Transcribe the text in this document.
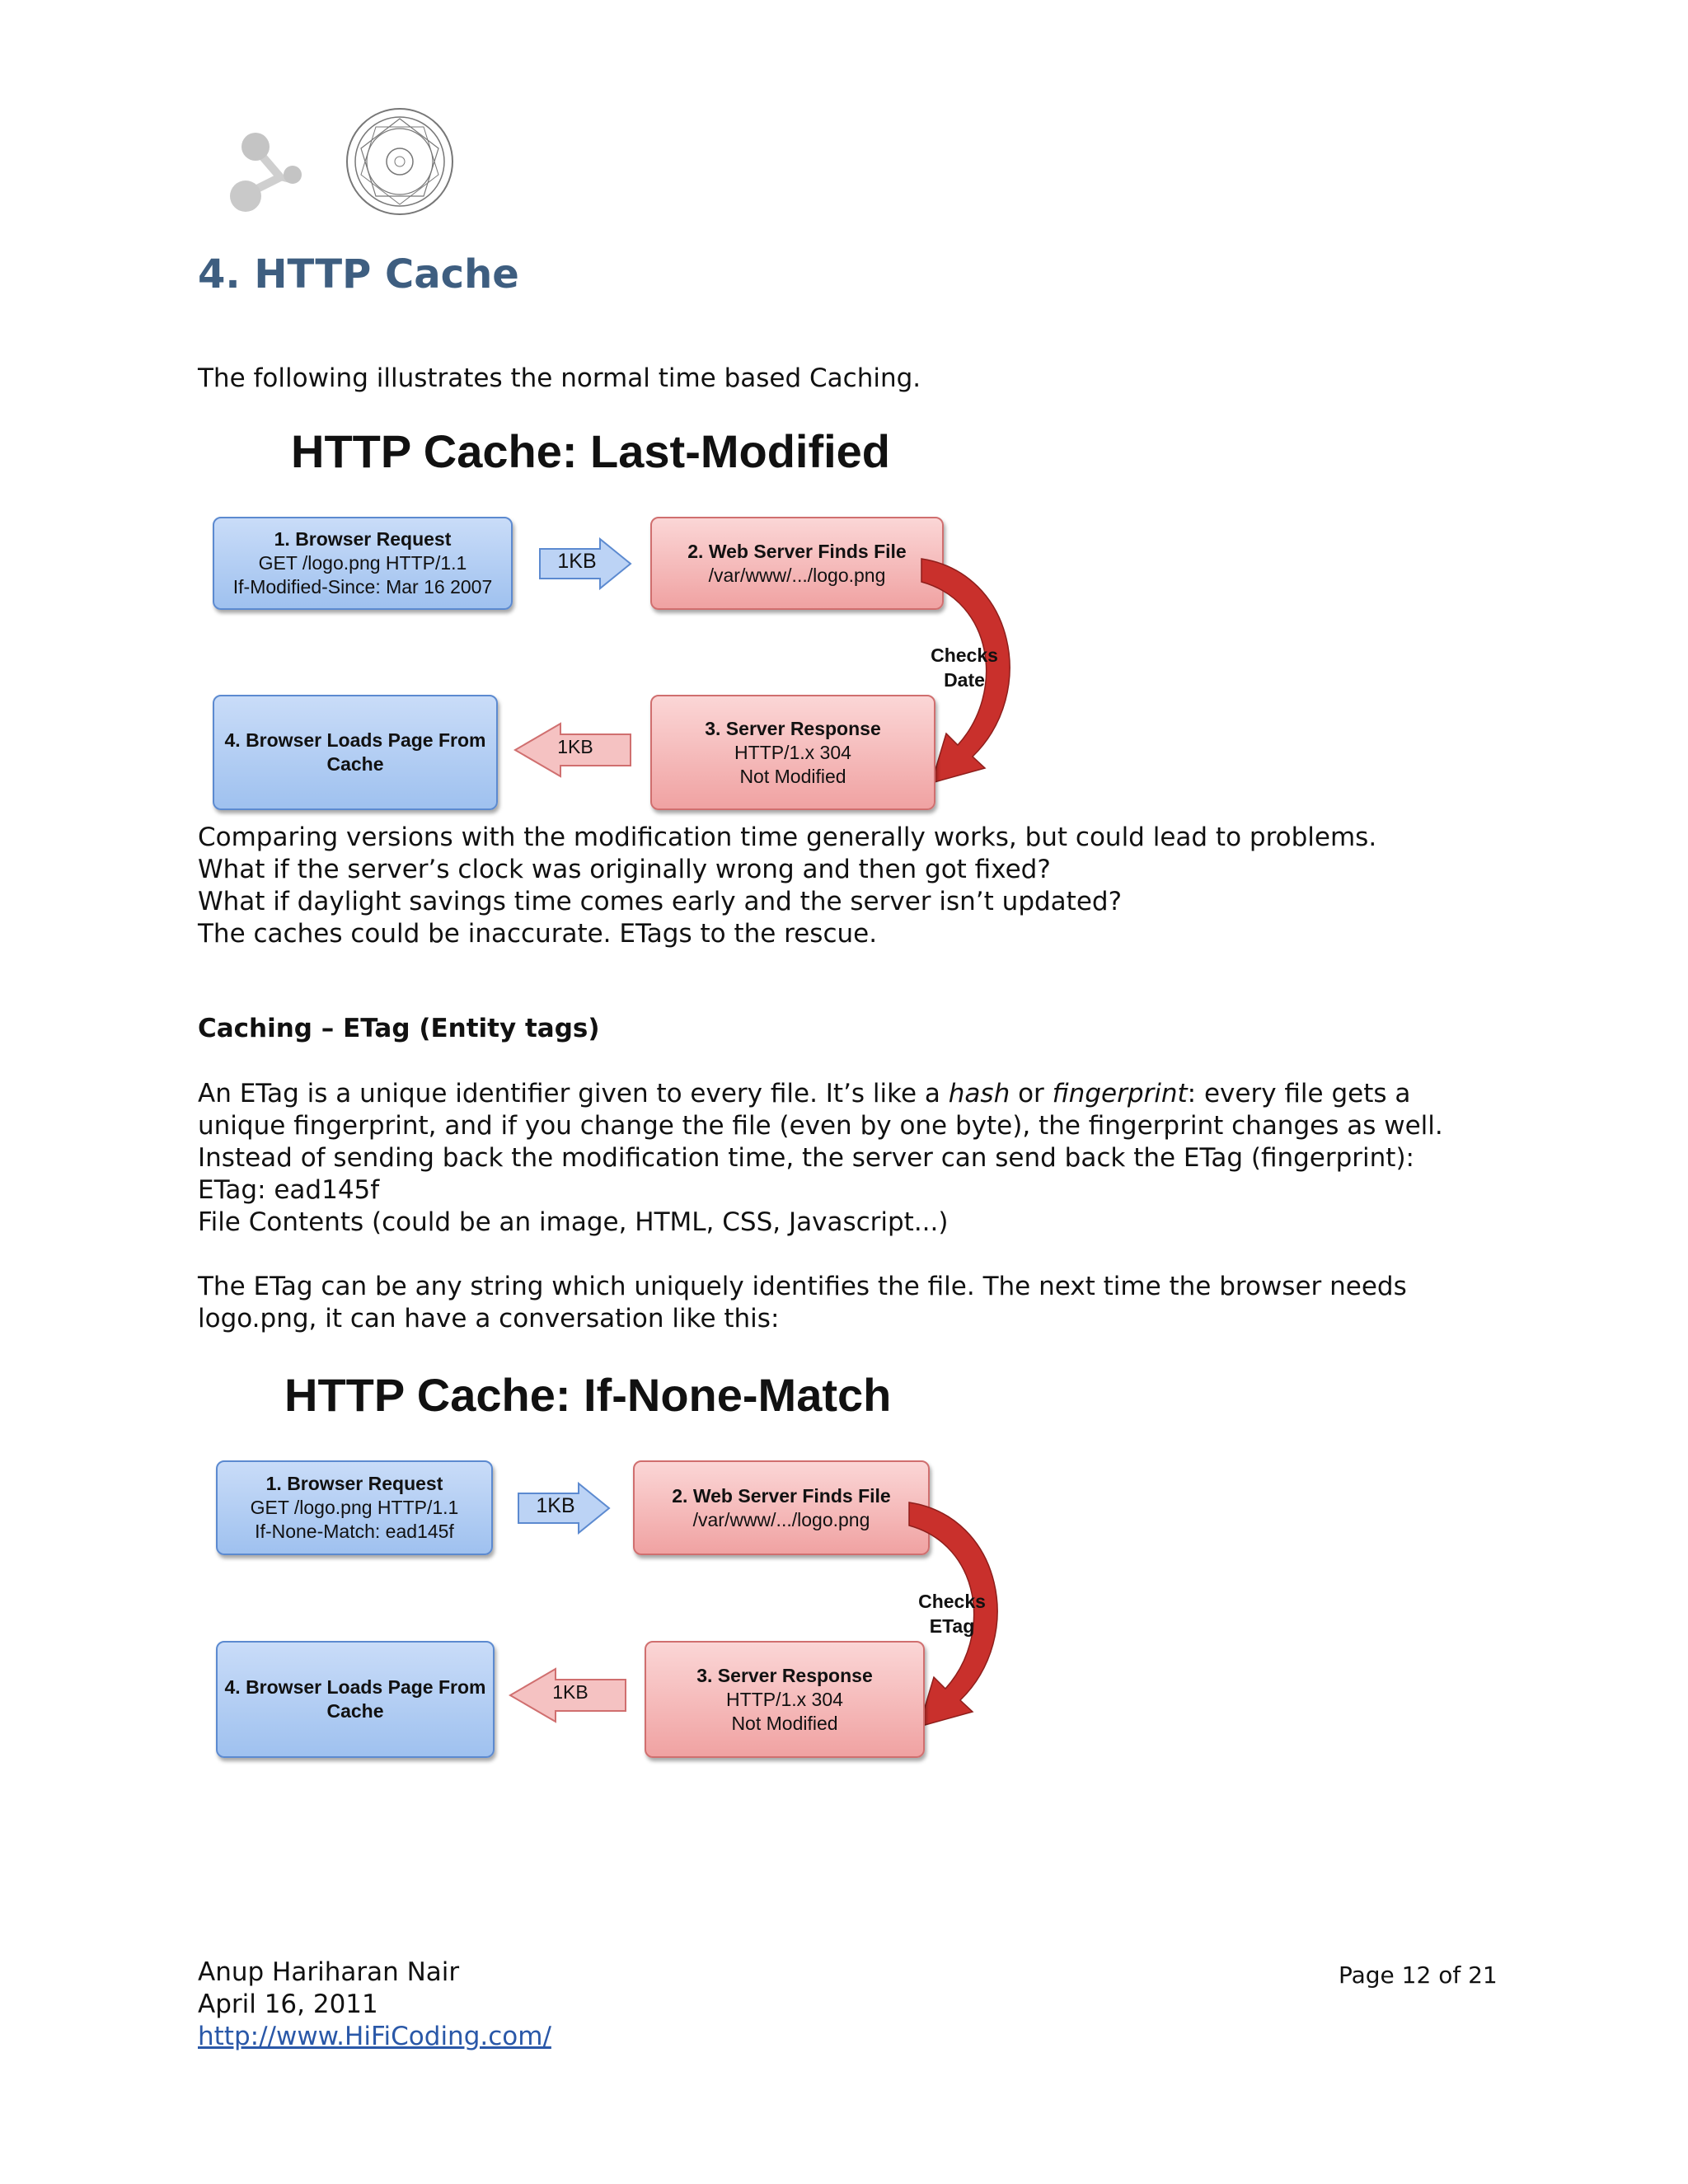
4. HTTP Cache

The following illustrates the normal time based Caching.

HTTP Cache: Last-Modified
1. Browser Request
GET /logo.png HTTP/1.1
If-Modified-Since: Mar 16 2007
1KB	2. Web Server Finds File
/var/www/.../logo.png
Checks
Date
4. Browser Loads Page From Cache
1KB
3. Server Response
HTTP/1.x 304
Not Modified

Comparing versions with the modification time generally works, but could lead to problems.
What if the server’s clock was originally wrong and then got fixed?
What if daylight savings time comes early and the server isn’t updated?
The caches could be inaccurate. ETags to the rescue.

Caching – ETag (Entity tags)

An ETag is a unique identifier given to every file. It’s like a hash or fingerprint: every file gets a unique fingerprint, and if you change the file (even by one byte), the fingerprint changes as well. Instead of sending back the modification time, the server can send back the ETag (fingerprint):

ETag: ead145f

File Contents (could be an image, HTML, CSS, Javascript...)

The ETag can be any string which uniquely identifies the file. The next time the browser needs logo.png, it can have a conversation like this:

HTTP Cache: If-None-Match
1. Browser Request
GET /logo.png HTTP/1.1
If-None-Match: ead145f
1KB	2. Web Server Finds File
/var/www/.../logo.png
Checks
ETag
4. Browser Loads Page From Cache
1KB
3. Server Response
HTTP/1.x 304
Not Modified
Anup Hariharan Nair
April 16, 2011
http://www.HiFiCoding.com/
Page 12 of 21
